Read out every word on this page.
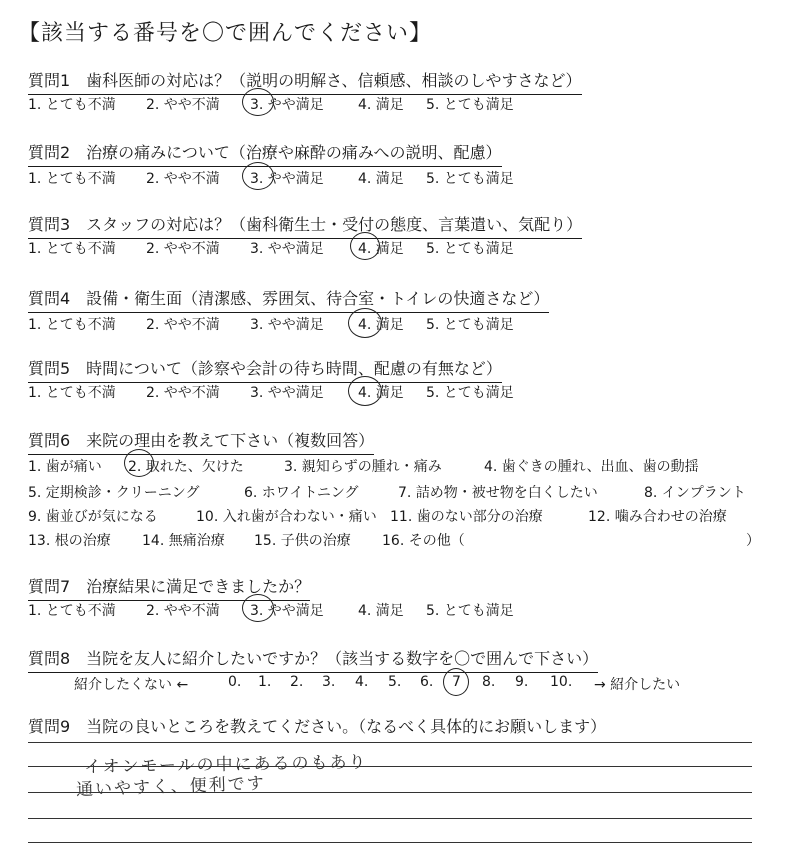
【該当する番号を〇で囲んでください】
質問1　歯科医師の対応は？（説明の明解さ、信頼感、相談のしやすさなど）
1. とても不満 2. やや不満 3. やや満足 4. 満足 5. とても満足
質問2　治療の痛みについて（治療や麻酔の痛みへの説明、配慮）
1. とても不満 2. やや不満 3. やや満足 4. 満足 5. とても満足
質問3　スタッフの対応は？（歯科衛生士・受付の態度、言葉遣い、気配り）
1. とても不満 2. やや不満 3. やや満足 4. 満足 5. とても満足
質問4　設備・衛生面（清潔感、雰囲気、待合室・トイレの快適さなど）
1. とても不満 2. やや不満 3. やや満足 4. 満足 5. とても満足
質問5　時間について（診察や会計の待ち時間、配慮の有無など）
1. とても不満 2. やや不満 3. やや満足 4. 満足 5. とても満足
質問6　来院の理由を教えて下さい（複数回答）
1. 歯が痛い 2. 取れた、欠けた	3. 親知らずの腫れ・痛み	4. 歯ぐきの腫れ、出血、歯の動揺
5. 定期検診・クリーニング	6. ホワイトニング	7. 詰め物・被せ物を白くしたい	8. インプラント
9. 歯並びが気になる	10. 入れ歯が合わない・痛い 11. 歯のない部分の治療	12. 噛み合わせの治療
13. 根の治療 14. 無痛治療 15. 子供の治療 16. その他（	）
質問7　治療結果に満足できましたか？
1. とても不満 2. やや不満 3. やや満足 4. 満足 5. とても満足
質問8　当院を友人に紹介したいですか？（該当する数字を〇で囲んで下さい）
紹介したくない ←	0. 1. 2. 3. 4. 5. 6. 7 8. 9. 10. → 紹介したい
質問9　当院の良いところを教えてください。（なるべく具体的にお願いします）
イオンモールの中にあるのもあり
通いやすく、便利です
